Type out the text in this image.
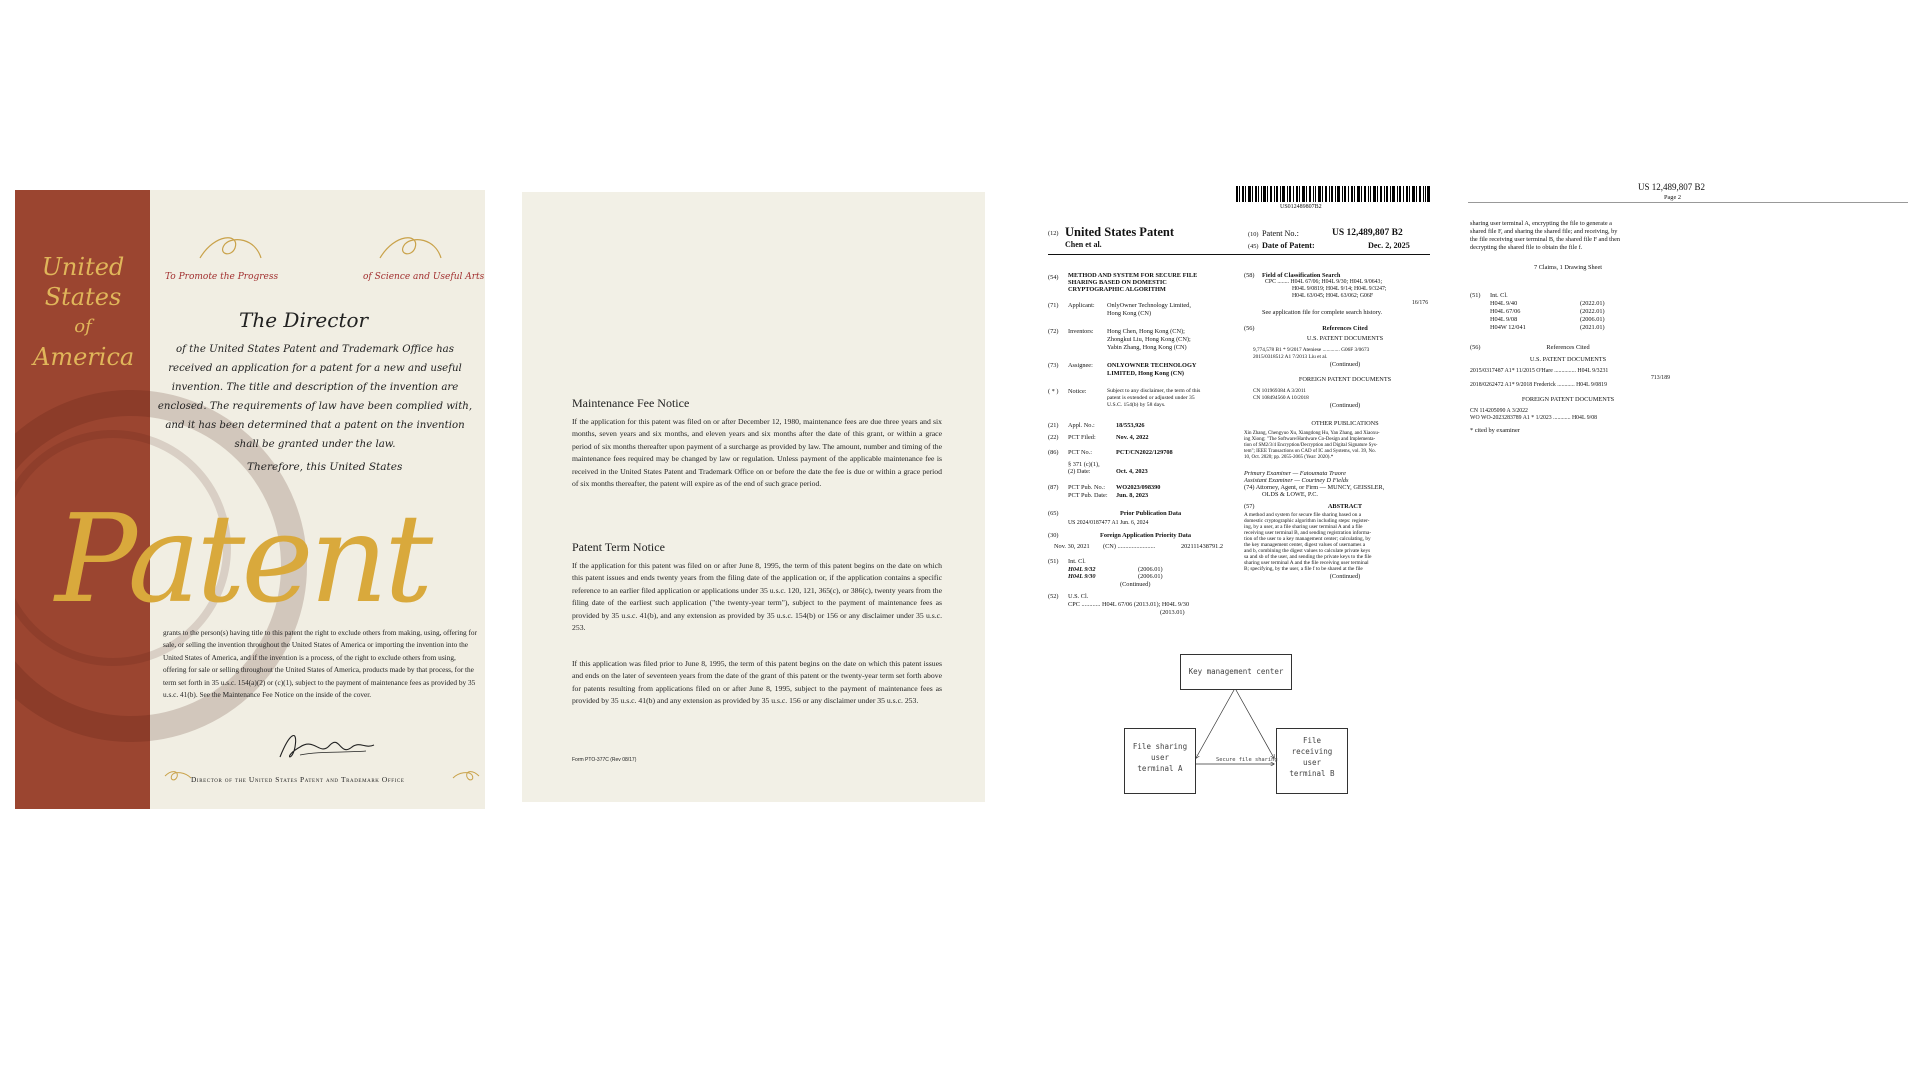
United
States
of
America
To Promote the Progress	of Science and Useful Arts
The Director
of the United States Patent and Trademark Office has received an application for a patent for a new and useful invention. The title and description of the invention are enclosed. The requirements of law have been complied with, and it has been determined that a patent on the invention shall be granted under the law.
Therefore, this United States
Patent
grants to the person(s) having title to this patent the right to exclude others from making, using, offering for sale, or selling the invention throughout the United States of America or importing the invention into the United States of America, and if the invention is a process, of the right to exclude others from using, offering for sale or selling throughout the United States of America, products made by that process, for the term set forth in 35 u.s.c. 154(a)(2) or (c)(1), subject to the payment of maintenance fees as provided by 35 u.s.c. 41(b). See the Maintenance Fee Notice on the inside of the cover.
Director of the United States Patent and Trademark Office
Maintenance Fee Notice
If the application for this patent was filed on or after December 12, 1980, maintenance fees are due three years and six months, seven years and six months, and eleven years and six months after the date of this grant, or within a grace period of six months thereafter upon payment of a surcharge as provided by law. The amount, number and timing of the maintenance fees required may be changed by law or regulation. Unless payment of the applicable maintenance fee is received in the United States Patent and Trademark Office on or before the date the fee is due or within a grace period of six months thereafter, the patent will expire as of the end of such grace period.
Patent Term Notice
If the application for this patent was filed on or after June 8, 1995, the term of this patent begins on the date on which this patent issues and ends twenty years from the filing date of the application or, if the application contains a specific reference to an earlier filed application or applications under 35 u.s.c. 120, 121, 365(c), or 386(c), twenty years from the filing date of the earliest such application ("the twenty-year term"), subject to the payment of maintenance fees as provided by 35 u.s.c. 41(b), and any extension as provided by 35 u.s.c. 154(b) or 156 or any disclaimer under 35 u.s.c. 253.
If this application was filed prior to June 8, 1995, the term of this patent begins on the date on which this patent issues and ends on the later of seventeen years from the date of the grant of this patent or the twenty-year term set forth above for patents resulting from applications filed on or after June 8, 1995, subject to the payment of maintenance fees as provided by 35 u.s.c. 41(b) and any extension as provided by 35 u.s.c. 156 or any disclaimer under 35 u.s.c. 253.
Form PTO-377C (Rev 08/17)
US012489807B2
(12) United States Patent
Chen et al.
(10) Patent No.:	US 12,489,807 B2
(45) Date of Patent:	Dec. 2, 2025
(54) METHOD AND SYSTEM FOR SECURE FILE
SHARING BASED ON DOMESTIC
CRYPTOGRAPHIC ALGORITHM
(71) Applicant: OnlyOwner Technology Limited,
Hong Kong (CN)
(72) Inventors: Hong Chen, Hong Kong (CN);
Zhongkui Liu, Hong Kong (CN);
Yabin Zhang, Hong Kong (CN)
(73) Assignee: ONLYOWNER TECHNOLOGY
LIMITED, Hong Kong (CN)
( * ) Notice:	Subject to any disclaimer, the term of this
patent is extended or adjusted under 35
U.S.C. 154(b) by 58 days.
(21) Appl. No.:	18/553,926
(22) PCT Filed:	Nov. 4, 2022
(86) PCT No.:	PCT/CN2022/129708
§ 371 (c)(1),
(2) Date:	Oct. 4, 2023
(87) PCT Pub. No.: WO2023/098390
PCT Pub. Date: Jun. 8, 2023
(65)	Prior Publication Data
US 2024/0187477 A1 Jun. 6, 2024
(30)	Foreign Application Priority Data
Nov. 30, 2021 (CN) ........................	202111438791.2
(51) Int. Cl.
H04L 9/32	(2006.01)
H04L 9/30	(2006.01)
(Continued)
(52) U.S. Cl.
CPC ............ H04L 67/06 (2013.01); H04L 9/30
(2013.01)
(58) Field of Classification Search
CPC ........ H04L 67/06; H04L 9/30; H04L 9/0643;
H04L 9/0819; H04L 9/14; H04L 9/3247;
H04L 63/045; H04L 63/062; G06F
16/176
See application file for complete search history.
(56)	References Cited
U.S. PATENT DOCUMENTS
9,774,578 B1 * 9/2017 Ateniese ............. G06F 3/0673
2015/0318512 A1 7/2013 Liu et al.
(Continued)
FOREIGN PATENT DOCUMENTS
CN 101969384 A 3/2011
CN 108494560 A 10/2018
(Continued)
OTHER PUBLICATIONS
Xin Zhang, Chengyuo Xu, Xiangdong Hu, Yan Zhang, and Xiaoxu-
ing Xiong; "The Software/Hardware Co-Design and Implementa-
tion of SM2/3/4 Encryption/Decryption and Digital Signature Sys-
tem"; IEEE Transactions on CAD of IC and Systems, vol. 39, No.
10, Oct. 2020; pp. 2055-2065 (Year: 2020).*
Primary Examiner — Fatoumata Traore
Assistant Examiner — Courtney D Fields
(74) Attorney, Agent, or Firm — MUNCY, GEISSLER,
OLDS & LOWE, P.C.
(57)	ABSTRACT
A method and system for secure file sharing based on a
domestic cryptographic algorithm including steps: register-
ing, by a user, at a file sharing user terminal A and a file
receiving user terminal B, and sending registration informa-
tion of the user to a key management center; calculating, by
the key management center, digest values of usernames a
and b, combining the digest values to calculate private keys
sa and sb of the user, and sending the private keys to the file
sharing user terminal A and the file receiving user terminal
B; specifying, by the user, a file f to be shared at the file
(Continued)
Key management center
File sharing
user
terminal A
File
receiving
user
terminal B
Secure file sharing
US 12,489,807 B2
Page 2
sharing user terminal A, encrypting the file to generate a
shared file F, and sharing the shared file; and receiving, by
the file receiving user terminal B, the shared file F and then
decrypting the shared file to obtain the file f.
7 Claims, 1 Drawing Sheet
(51) Int. Cl.
H04L 9/40	(2022.01)
H04L 67/06	(2022.01)
H04L 9/08	(2006.01)
H04W 12/041	(2021.01)
(56)	References Cited
U.S. PATENT DOCUMENTS
2015/0317487 A1* 11/2015 O'Hare ............... H04L 9/3231
713/189
2018/0262472 A1* 9/2018 Frederick ............ H04L 9/0819
FOREIGN PATENT DOCUMENTS
CN 114205090 A 3/2022
WO WO-2023283789 A1 * 1/2023 ............ H04L 9/08
* cited by examiner
